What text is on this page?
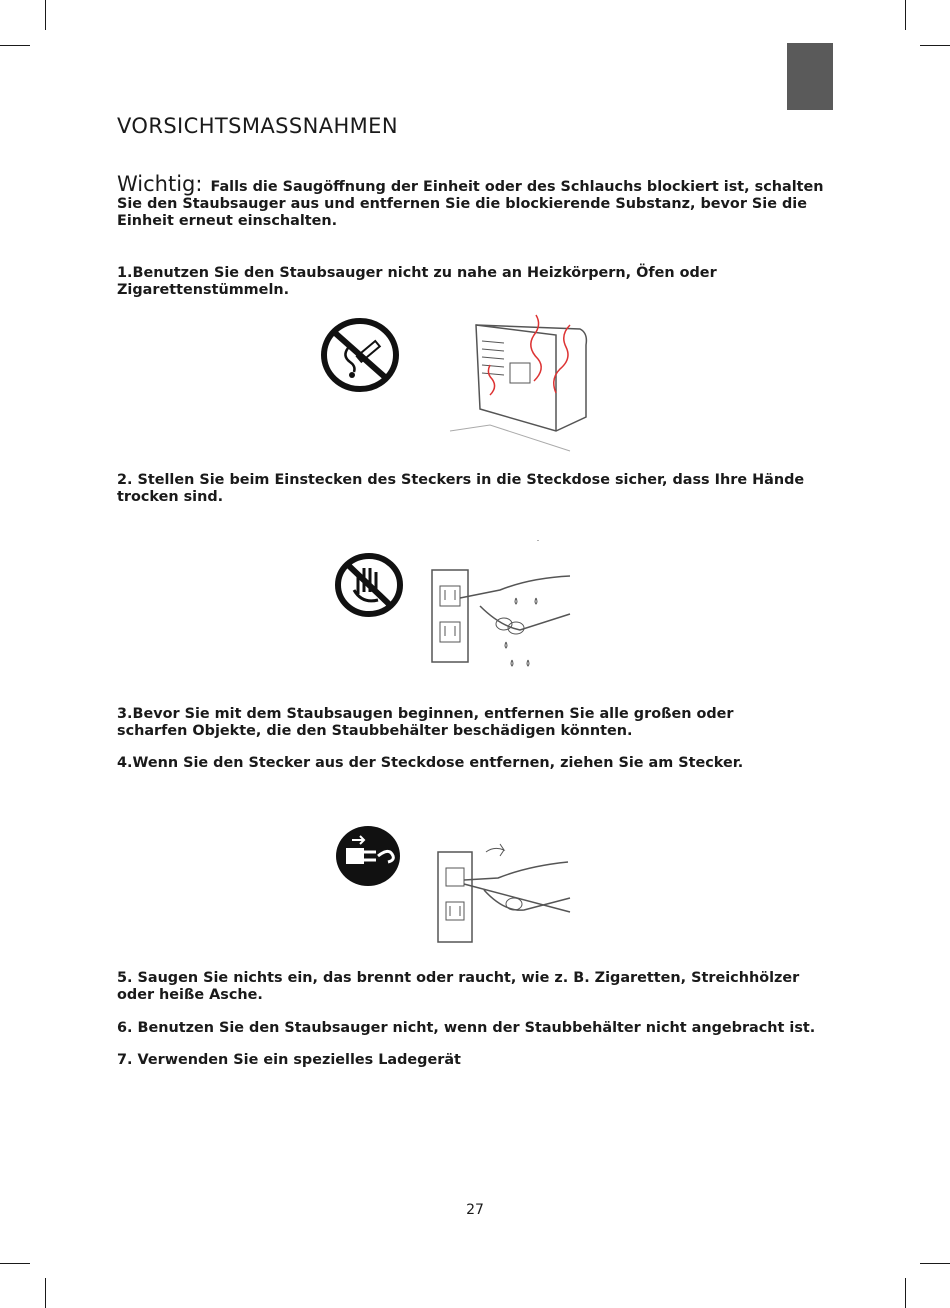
VORSICHTSMASSNAHMEN

Wichtig: Falls die Saugöffnung der Einheit oder des Schlauchs blockiert ist, schalten Sie den Staubsauger aus und entfernen Sie die blockierende Substanz, bevor Sie die Einheit erneut einschalten.

1.Benutzen Sie den Staubsauger nicht zu nahe an Heizkörpern, Öfen oder Zigarettenstümmeln.

2. Stellen Sie beim Einstecken des Steckers in die Steckdose sicher, dass Ihre Hände trocken sind.

3.Bevor Sie mit dem Staubsaugen beginnen, entfernen Sie alle großen oder scharfen Objekte, die den Staubbehälter beschädigen könnten.

4.Wenn Sie den Stecker aus der Steckdose entfernen, ziehen Sie am Stecker.

5. Saugen Sie nichts ein, das brennt oder raucht, wie z. B. Zigaretten, Streichhölzer oder heiße Asche.

6. Benutzen Sie den Staubsauger nicht, wenn der Staubbehälter nicht angebracht ist.

7. Verwenden Sie ein spezielles Ladegerät

27
